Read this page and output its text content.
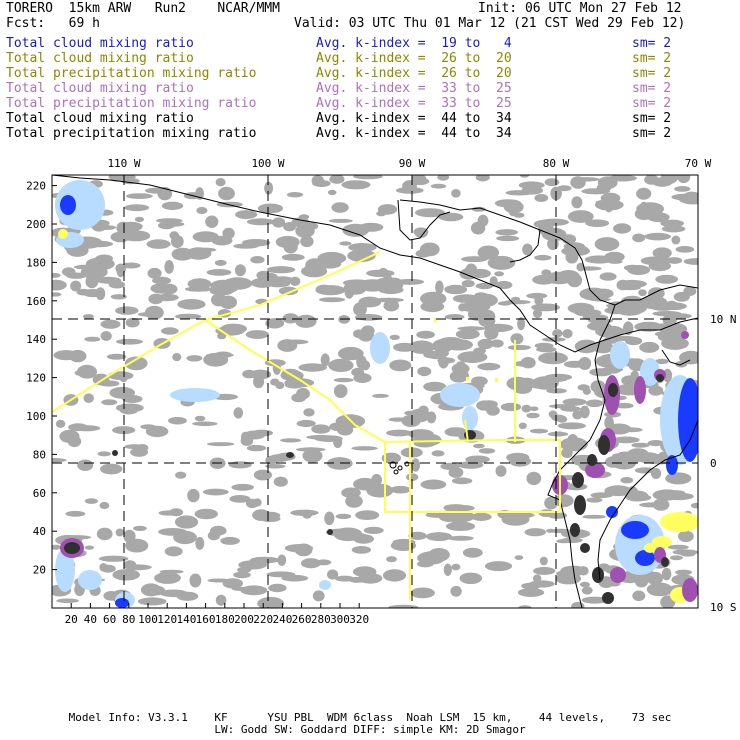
TORERO  15km ARW   Run2    NCAR/MMM	Init: 06 UTC Mon 27 Feb 12
Fcst:   69 h	Valid: 03 UTC Thu 01 Mar 12 (21 CST Wed 29 Feb 12)
Total cloud mixing ratio	Avg. k-index =  19 to   4	sm= 2
Total cloud mixing ratio	Avg. k-index =  26 to  20	sm= 2
Total precipitation mixing ratio	Avg. k-index =  26 to  20	sm= 2
Total cloud mixing ratio	Avg. k-index =  33 to  25	sm= 2
Total precipitation mixing ratio	Avg. k-index =  33 to  25	sm= 2
Total cloud mixing ratio	Avg. k-index =  44 to  34	sm= 2
Total precipitation mixing ratio	Avg. k-index =  44 to  34	sm= 2
20 40 60 80 100 120 140 160 180 200 220 240 260 280 300 320
220
200
180
160
140
120
100
80
60
40
20
110 W	100 W	90 W	80 W	70 W
10 N
0
10 S
Model Info: V3.3.1    KF      YSU PBL  WDM 6class  Noah LSM  15 km,    44 levels,    73 sec
LW: Godd SW: Goddard DIFF: simple KM: 2D Smagor
